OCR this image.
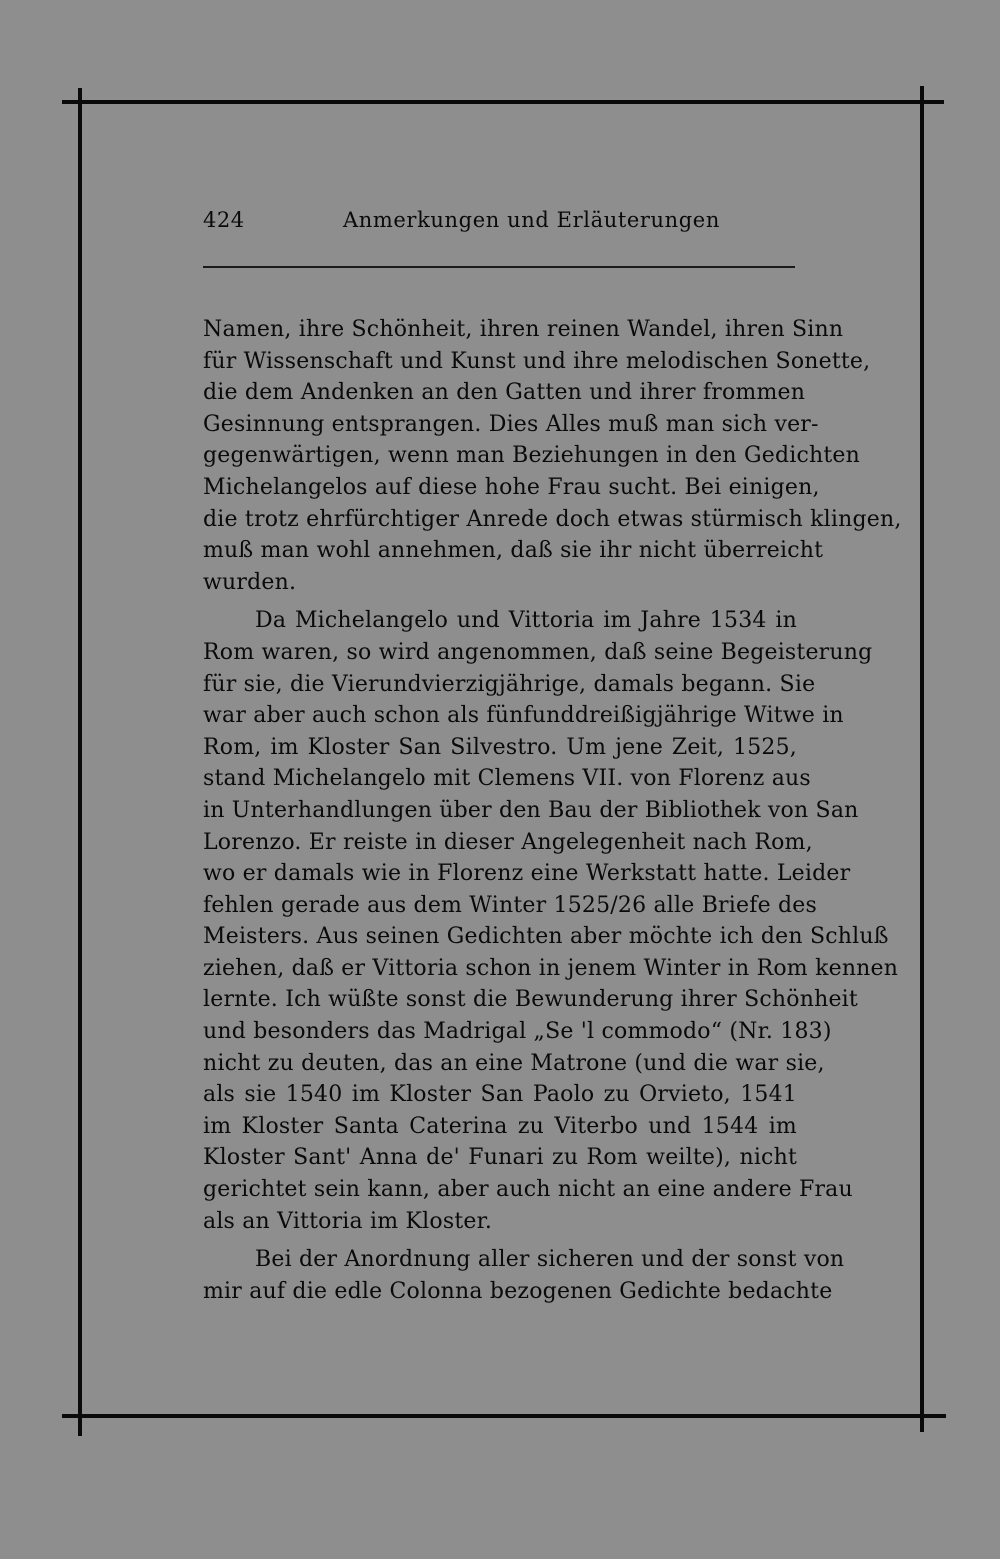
424	Anmerkungen und Erläuterungen
Namen, ihre Schönheit, ihren reinen Wandel, ihren Sinn
für Wissenschaft und Kunst und ihre melodischen Sonette,
die dem Andenken an den Gatten und ihrer frommen
Gesinnung entsprangen. Dies Alles muß man sich ver-
gegenwärtigen, wenn man Beziehungen in den Gedichten
Michelangelos auf diese hohe Frau sucht. Bei einigen,
die trotz ehrfürchtiger Anrede doch etwas stürmisch klingen,
muß man wohl annehmen, daß sie ihr nicht überreicht
wurden.
Da Michelangelo und Vittoria im Jahre 1534 in
Rom waren, so wird angenommen, daß seine Begeisterung
für sie, die Vierundvierzigjährige, damals begann. Sie
war aber auch schon als fünfunddreißigjährige Witwe in
Rom, im Kloster San Silvestro. Um jene Zeit, 1525,
stand Michelangelo mit Clemens VII. von Florenz aus
in Unterhandlungen über den Bau der Bibliothek von San
Lorenzo. Er reiste in dieser Angelegenheit nach Rom,
wo er damals wie in Florenz eine Werkstatt hatte. Leider
fehlen gerade aus dem Winter 1525/26 alle Briefe des
Meisters. Aus seinen Gedichten aber möchte ich den Schluß
ziehen, daß er Vittoria schon in jenem Winter in Rom kennen
lernte. Ich wüßte sonst die Bewunderung ihrer Schönheit
und besonders das Madrigal „Se 'l commodo“ (Nr. 183)
nicht zu deuten, das an eine Matrone (und die war sie,
als sie 1540 im Kloster San Paolo zu Orvieto, 1541
im Kloster Santa Caterina zu Viterbo und 1544 im
Kloster Sant' Anna de' Funari zu Rom weilte), nicht
gerichtet sein kann, aber auch nicht an eine andere Frau
als an Vittoria im Kloster.
Bei der Anordnung aller sicheren und der sonst von
mir auf die edle Colonna bezogenen Gedichte bedachte
